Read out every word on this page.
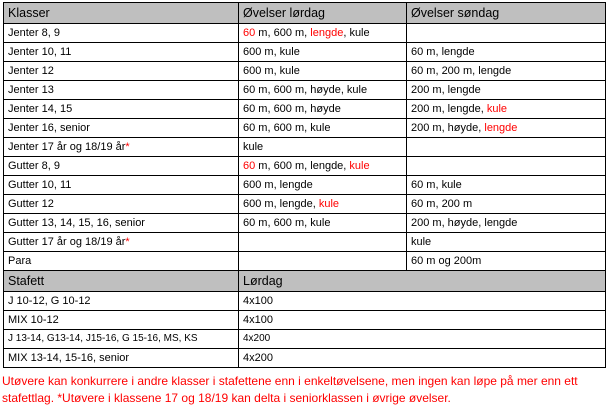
Klasser	Øvelser lørdag	Øvelser søndag
Jenter 8, 9	60 m, 600 m, lengde, kule	
Jenter 10, 11	600 m, kule	60 m, lengde
Jenter 12	600 m, kule	60 m, 200 m, lengde
Jenter 13	60 m, 600 m, høyde, kule	200 m, lengde
Jenter 14, 15	60 m, 600 m, høyde	200 m, lengde, kule
Jenter 16, senior	60 m, 600 m, kule	200 m, høyde, lengde
Jenter 17 år og 18/19 år*	kule	
Gutter 8, 9	60 m, 600 m, lengde, kule	
Gutter 10, 11	600 m, lengde	60 m, kule
Gutter 12	600 m, lengde, kule	60 m, 200 m
Gutter 13, 14, 15, 16, senior	60 m, 600 m, kule	200 m, høyde, lengde
Gutter 17 år og 18/19 år*		kule
Para		60 m og 200m
Stafett	Lørdag	
J 10-12, G 10-12	4x100	
MIX 10-12	4x100	
J 13-14, G13-14, J15-16, G 15-16, MS, KS	4x200	
MIX 13-14, 15-16, senior	4x200	

Utøvere kan konkurrere i andre klasser i stafettene enn i enkeltøvelsene, men ingen kan løpe på mer enn ett stafettlag. *Utøvere i klassene 17 og 18/19 kan delta i seniorklassen i øvrige øvelser.
